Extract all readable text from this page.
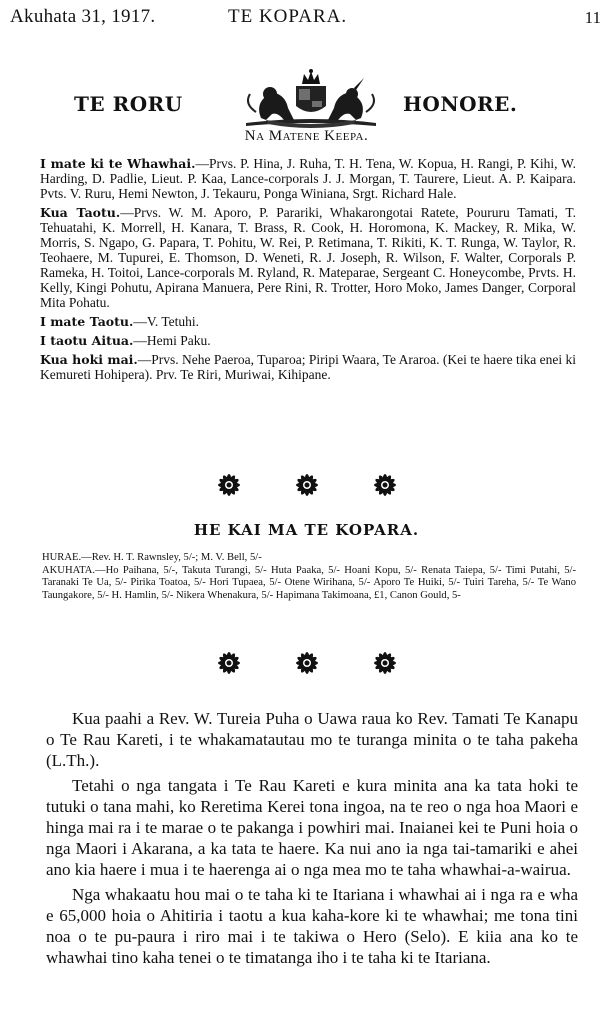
Akuhata 31, 1917.	TE KOPARA.	11
TE RORU	HONORE.
Na Matene Keepa.

I mate ki te Whawhai.—Prvs. P. Hina, J. Ruha, T. H. Tena, W. Kopua, H. Rangi, P. Kihi, W. Harding, D. Padlie, Lieut. P. Kaa, Lance-corporals J. J. Morgan, T. Taurere, Lieut. A. P. Kaipara. Pvts. V. Ruru, Hemi Newton, J. Tekauru, Ponga Winiana, Srgt. Richard Hale.

Kua Taotu.—Prvs. W. M. Aporo, P. Parariki, Whakarongotai Ratete, Poururu Tamati, T. Tehuatahi, K. Morrell, H. Kanara, T. Brass, R. Cook, H. Horomona, K. Mackey, R. Mika, W. Morris, S. Ngapo, G. Papara, T. Pohitu, W. Rei, P. Retimana, T. Rikiti, K. T. Runga, W. Taylor, R. Teohaere, M. Tupurei, E. Thomson, D. Weneti, R. J. Joseph, R. Wilson, F. Walter, Corporals P. Rameka, H. Toitoi, Lance-corporals M. Ryland, R. Mateparae, Sergeant C. Honeycombe, Prvts. H. Kelly, Kingi Pohutu, Apirana Manuera, Pere Rini, R. Trotter, Horo Moko, James Danger, Corporal Mita Pohatu.

I mate Taotu.—V. Tetuhi.

I taotu Aitua.—Hemi Paku.

Kua hoki mai.—Prvs. Nehe Paeroa, Tuparoa; Piripi Waara, Te Araroa. (Kei te haere tika enei ki Kemureti Hohipera). Prv. Te Riri, Muriwai, Kihipane.

HE KAI MA TE KOPARA.

HURAE.—Rev. H. T. Rawnsley, 5/-; M. V. Bell, 5/-

AKUHATA.—Ho Paihana, 5/-, Takuta Turangi, 5/- Huta Paaka, 5/- Hoani Kopu, 5/- Renata Taiepa, 5/- Timi Putahi, 5/- Taranaki Te Ua, 5/- Pirika Toatoa, 5/- Hori Tupaea, 5/- Otene Wirihana, 5/- Aporo Te Huiki, 5/- Tuiri Tareha, 5/- Te Wano Taungakore, 5/- H. Hamlin, 5/- Nikera Whenakura, 5/- Hapimana Takimoana, £1, Canon Gould, 5-

Kua paahi a Rev. W. Tureia Puha o Uawa raua ko Rev. Tamati Te Kanapu o Te Rau Kareti, i te whakamatautau mo te turanga minita o te taha pakeha (L.Th.).

Tetahi o nga tangata i Te Rau Kareti e kura minita ana ka tata hoki te tutuki o tana mahi, ko Reretima Kerei tona ingoa, na te reo o nga hoa Maori e hinga mai ra i te marae o te pakanga i powhiri mai. Inaianei kei te Puni hoia o nga Maori i Akarana, a ka tata te haere. Ka nui ano ia nga tai-tamariki e ahei ano kia haere i mua i te haerenga ai o nga mea mo te taha whawhai-a-wairua.

Nga whakaatu hou mai o te taha ki te Itariana i whawhai ai i nga ra e wha e 65,000 hoia o Ahitiria i taotu a kua kaha-kore ki te whawhai; me tona tini noa o te pu-paura i riro mai i te takiwa o Hero (Selo). E kiia ana ko te whawhai tino kaha tenei o te timatanga iho i te taha ki te Itariana.
